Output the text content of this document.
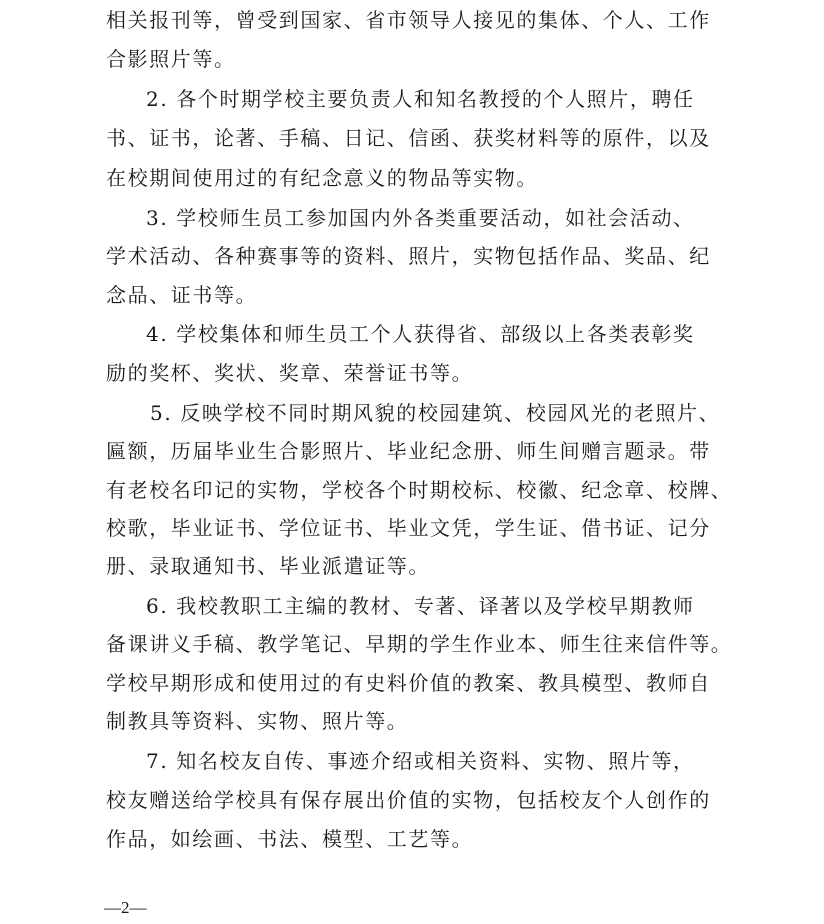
相关报刊等，曾受到国家、省市领导人接见的集体、个人、工作
合影照片等。
2. 各个时期学校主要负责人和知名教授的个人照片，聘任
书、证书，论著、手稿、日记、信函、获奖材料等的原件，以及
在校期间使用过的有纪念意义的物品等实物。
3. 学校师生员工参加国内外各类重要活动，如社会活动、
学术活动、各种赛事等的资料、照片，实物包括作品、奖品、纪
念品、证书等。
4. 学校集体和师生员工个人获得省、部级以上各类表彰奖
励的奖杯、奖状、奖章、荣誉证书等。
5. 反映学校不同时期风貌的校园建筑、校园风光的老照片、
匾额，历届毕业生合影照片、毕业纪念册、师生间赠言题录。带
有老校名印记的实物，学校各个时期校标、校徽、纪念章、校牌、
校歌，毕业证书、学位证书、毕业文凭，学生证、借书证、记分
册、录取通知书、毕业派遣证等。
6. 我校教职工主编的教材、专著、译著以及学校早期教师
备课讲义手稿、教学笔记、早期的学生作业本、师生往来信件等。
学校早期形成和使用过的有史料价值的教案、教具模型、教师自
制教具等资料、实物、照片等。
7. 知名校友自传、事迹介绍或相关资料、实物、照片等，
校友赠送给学校具有保存展出价值的实物，包括校友个人创作的
作品，如绘画、书法、模型、工艺等。
—2—
